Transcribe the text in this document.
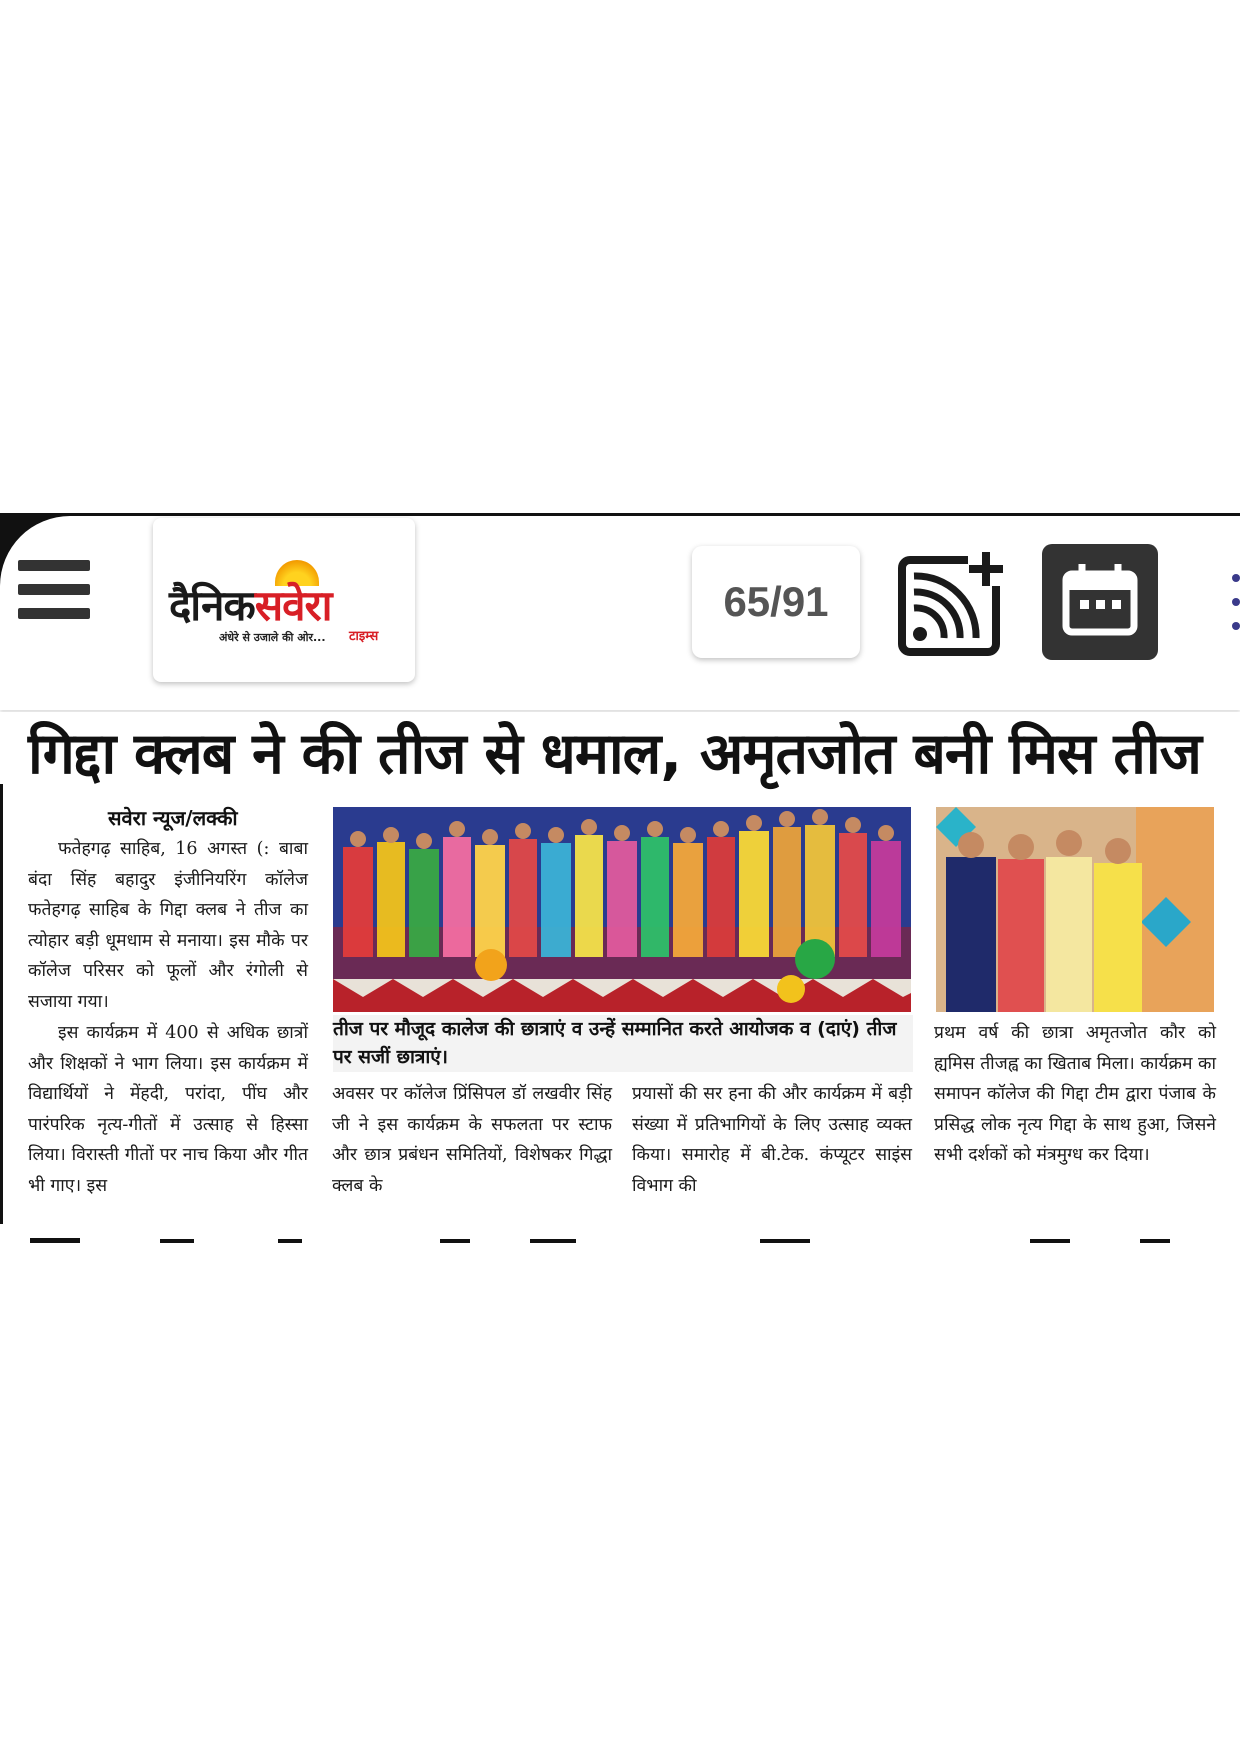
दैनिकसवेरा
अंधेरे से उजाले की ओर... टाइम्स
65/91
गिद्दा क्लब ने की तीज से धमाल, अमृतजोत बनी मिस तीज
सवेरा न्यूज/लक्की

फतेहगढ़ साहिब, 16 अगस्त (: बाबा बंदा सिंह बहादुर इंजीनियरिंग कॉलेज फतेहगढ़ साहिब के गिद्दा क्लब ने तीज का त्योहार बड़ी धूमधाम से मनाया। इस मौके पर कॉलेज परिसर को फूलों और रंगोली से सजाया गया।

इस कार्यक्रम में 400 से अधिक छात्रों और शिक्षकों ने भाग लिया। इस कार्यक्रम में विद्यार्थियों ने मेंहदी, परांदा, पींघ और पारंपरिक नृत्य-गीतों में उत्साह से हिस्सा लिया। विरास्ती गीतों पर नाच किया और गीत भी गाए। इस

तीज पर मौजूद कालेज की छात्राएं व उन्हें सम्मानित करते आयोजक व (दाएं) तीज पर सजीं छात्राएं।

अवसर पर कॉलेज प्रिंसिपल डॉ लखवीर सिंह जी ने इस कार्यक्रम के सफलता पर स्टाफ और छात्र प्रबंधन समितियों, विशेषकर गिद्धा क्लब के

प्रयासों की सर हना की और कार्यक्रम में बड़ी संख्या में प्रतिभागियों के लिए उत्साह व्यक्त किया। समारोह में बी.टेक. कंप्यूटर साइंस विभाग की

प्रथम वर्ष की छात्रा अमृतजोत कौर को ह्यमिस तीजह्व का खिताब मिला। कार्यक्रम का समापन कॉलेज की गिद्दा टीम द्वारा पंजाब के प्रसिद्ध लोक नृत्य गिद्दा के साथ हुआ, जिसने सभी दर्शकों को मंत्रमुग्ध कर दिया।
